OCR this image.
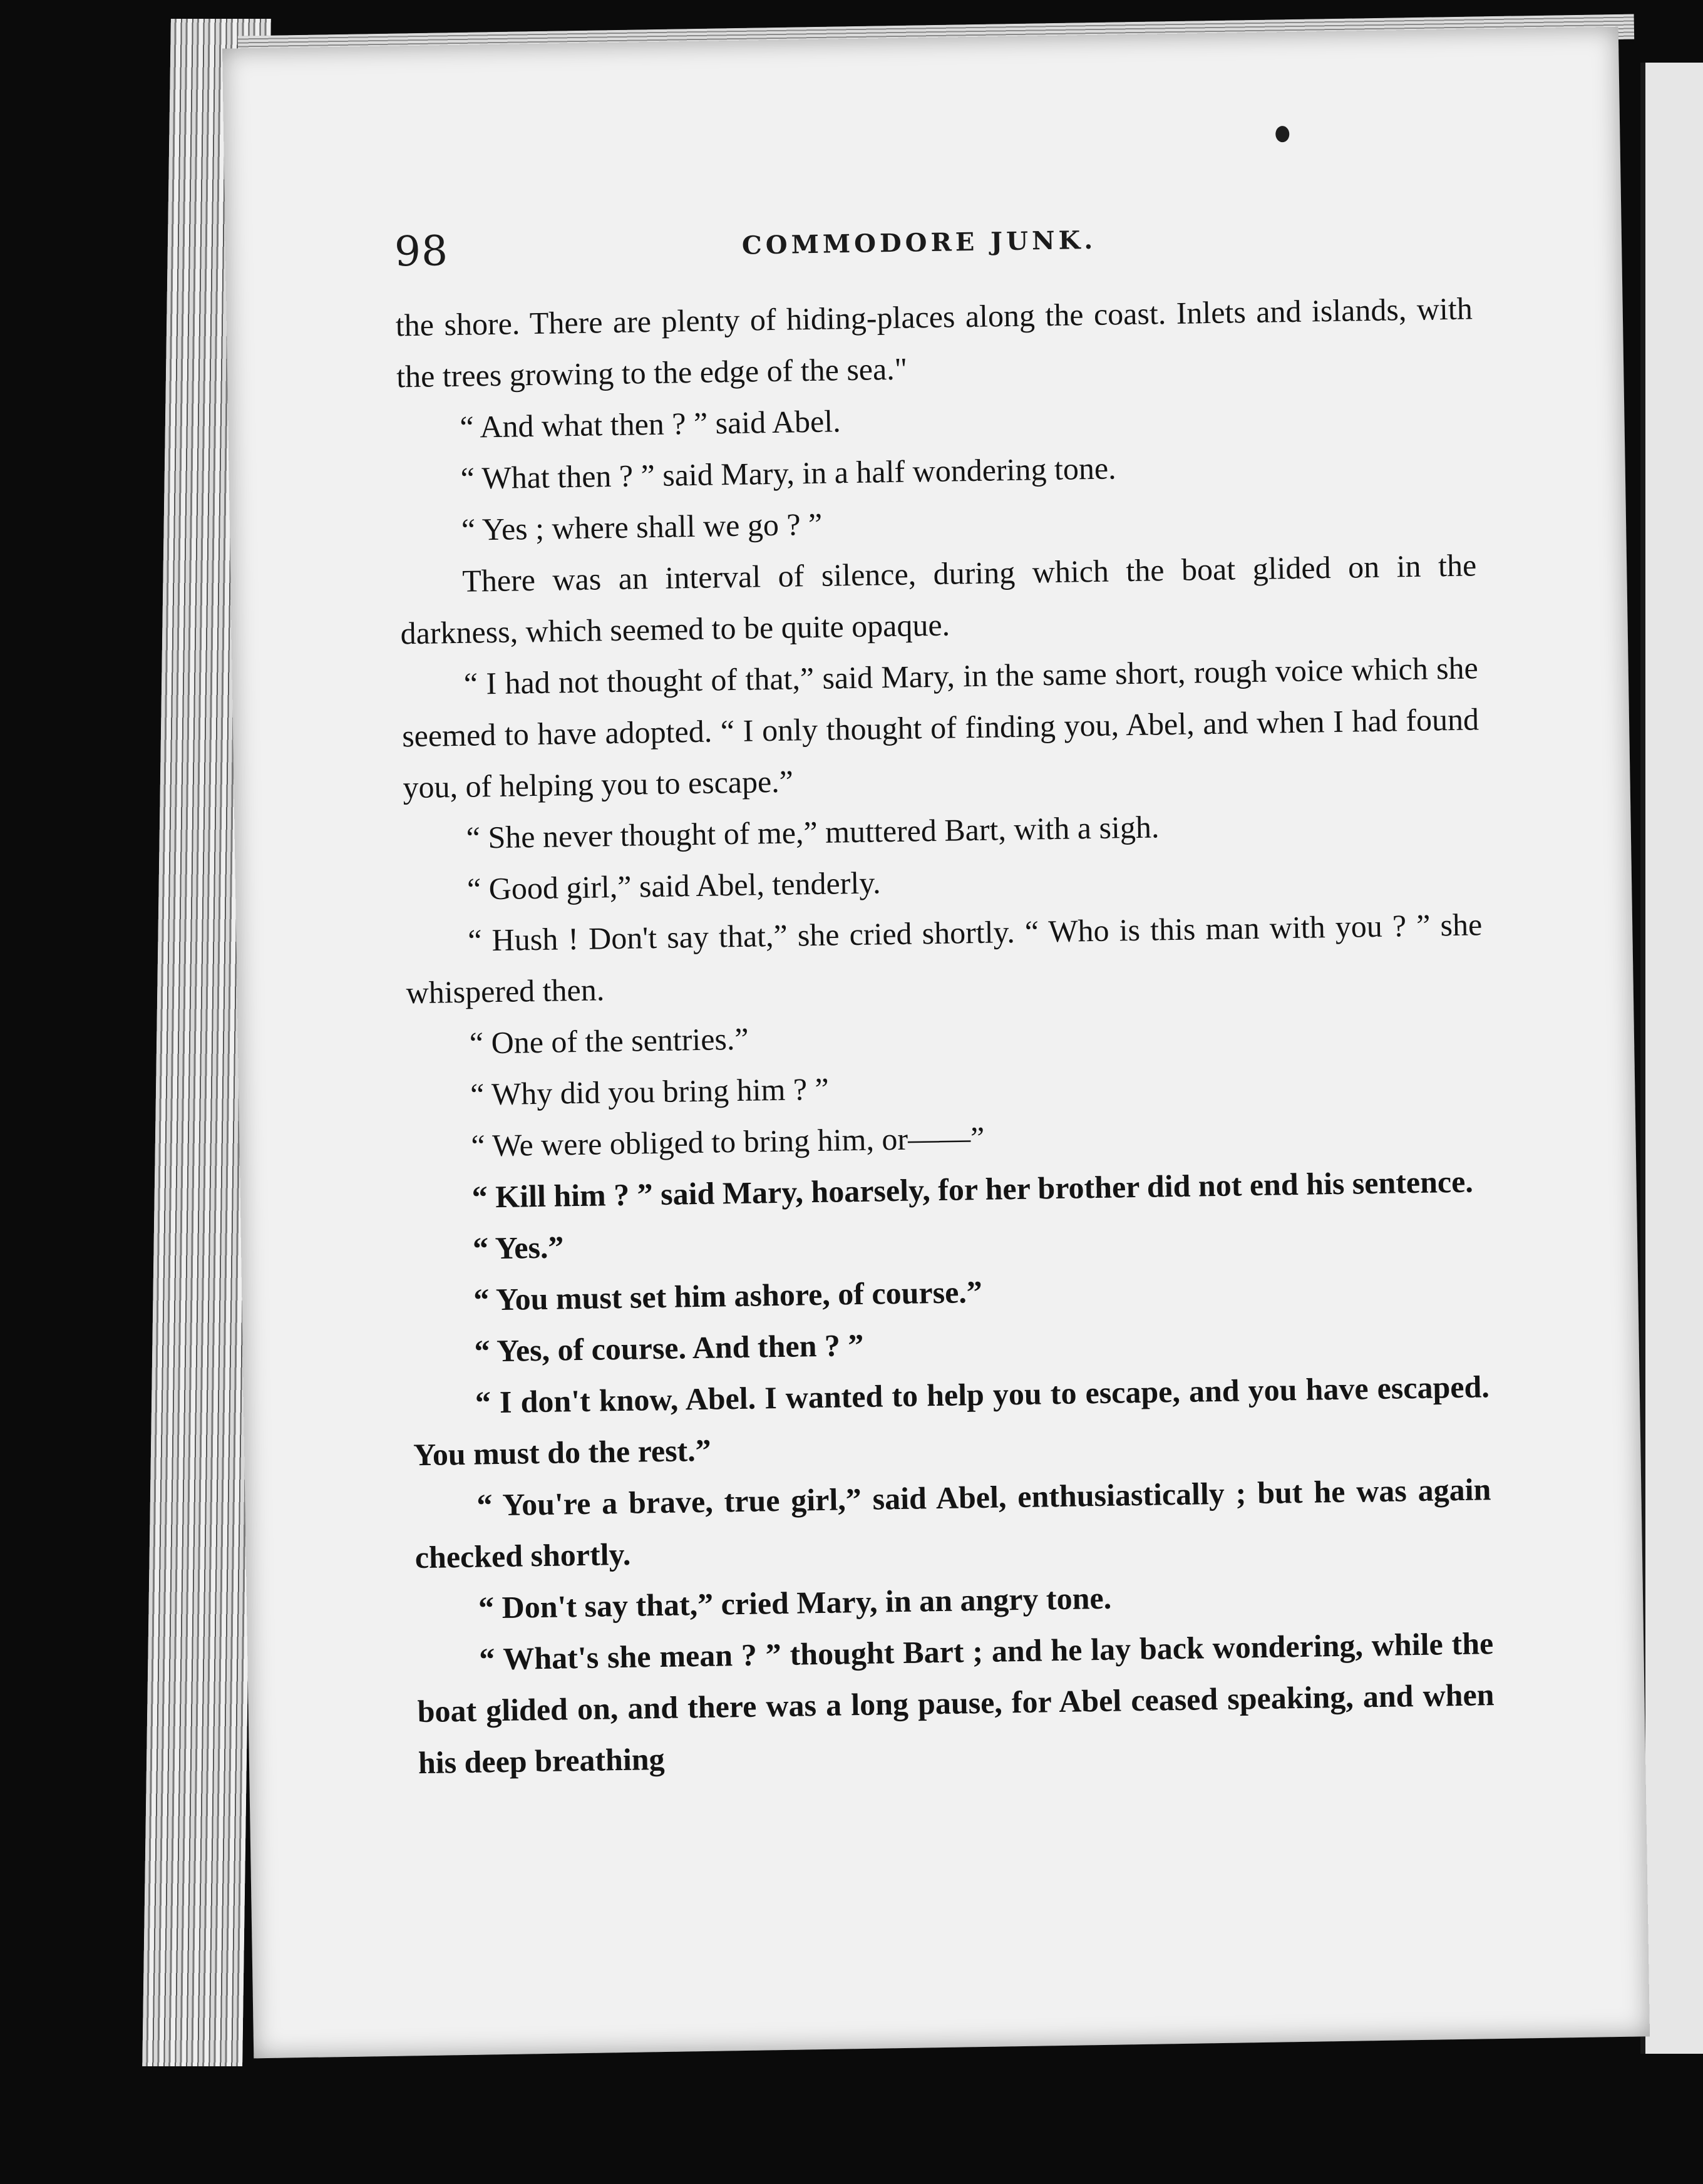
98	COMMODORE JUNK.

the shore. There are plenty of hiding-places along the coast. Inlets and islands, with the trees growing to the edge of the sea."

“ And what then ? ” said Abel.

“ What then ? ” said Mary, in a half wondering tone.

“ Yes ; where shall we go ? ”

There was an interval of silence, during which the boat glided on in the darkness, which seemed to be quite opaque.

“ I had not thought of that,” said Mary, in the same short, rough voice which she seemed to have adopted. “ I only thought of finding you, Abel, and when I had found you, of helping you to escape.”

“ She never thought of me,” muttered Bart, with a sigh.

“ Good girl,” said Abel, tenderly.

“ Hush ! Don't say that,” she cried shortly. “ Who is this man with you ? ” she whispered then.

“ One of the sentries.”

“ Why did you bring him ? ”

“ We were obliged to bring him, or——”

“ Kill him ? ” said Mary, hoarsely, for her brother did not end his sentence.

“ Yes.”

“ You must set him ashore, of course.”

“ Yes, of course. And then ? ”

“ I don't know, Abel. I wanted to help you to escape, and you have escaped. You must do the rest.”

“ You're a brave, true girl,” said Abel, enthusiastically ; but he was again checked shortly.

“ Don't say that,” cried Mary, in an angry tone.

“ What's she mean ? ” thought Bart ; and he lay back wondering, while the boat glided on, and there was a long pause, for Abel ceased speaking, and when his deep breathing
